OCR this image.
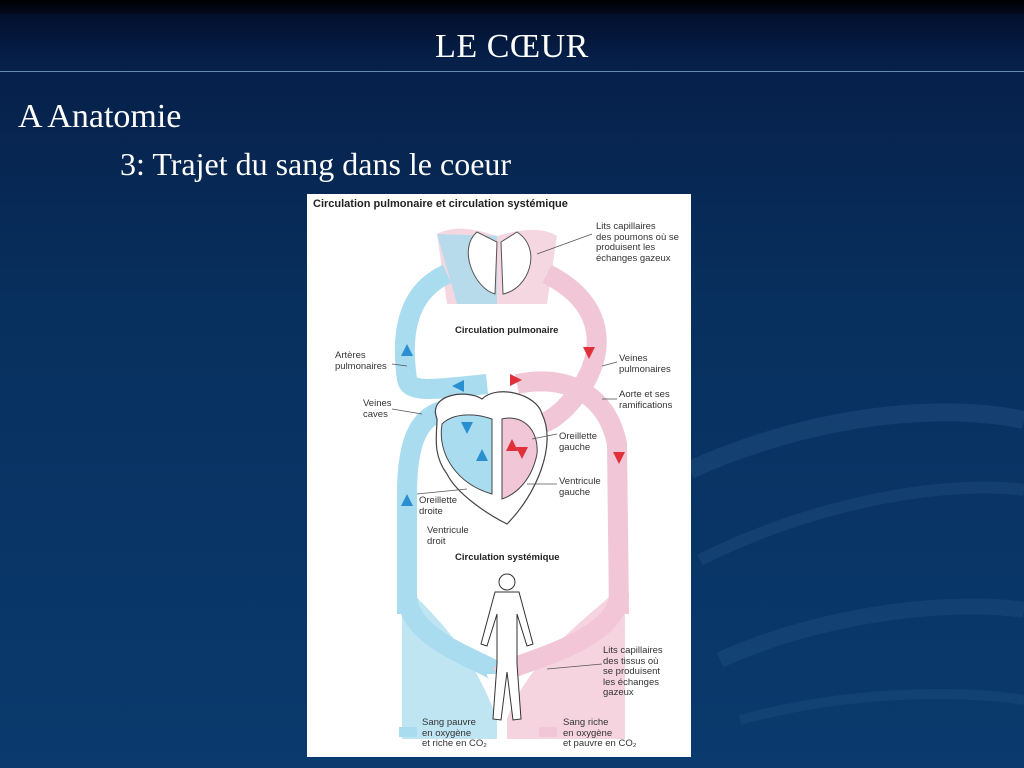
LE CŒUR
A Anatomie
3: Trajet du sang dans le coeur
Circulation pulmonaire et circulation systémique
Lits capillaires
des poumons où se
produisent les
échanges gazeux
Circulation pulmonaire
Artères
pulmonaires
Veines
pulmonaires
Aorte et ses
ramifications
Veines
caves
Oreillette
gauche
Ventricule
gauche
Oreillette
droite
Ventricule
droit
Circulation systémique
Lits capillaires
des tissus où
se produisent
les échanges
gazeux
Sang pauvre
en oxygène
et riche en CO₂
Sang riche
en oxygène
et pauvre en CO₂
